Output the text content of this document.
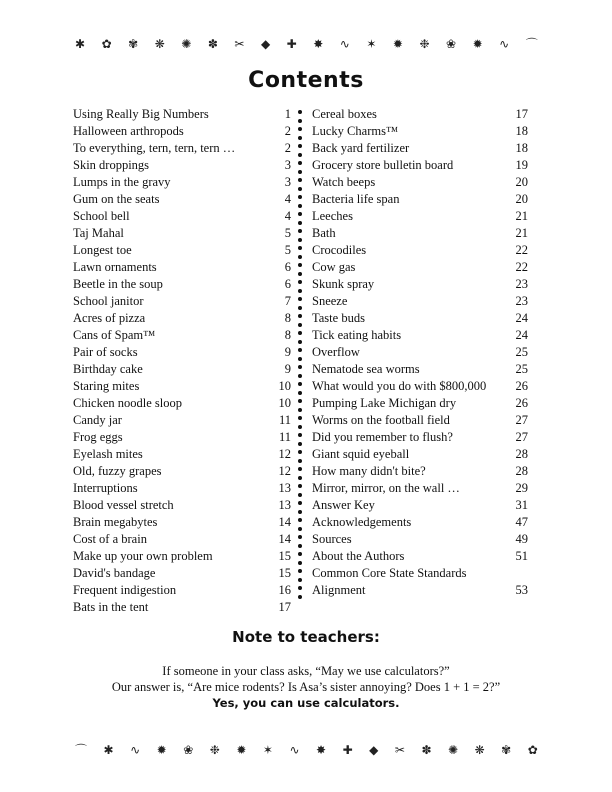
✱ ✿ ✾ ❋ ✺ ✽ ✂ ◆ ✚ ✸ ∿ ✶ ✹ ❉ ❀ ✹ ∿ ⌒
Contents
Using Really Big Numbers	1
Halloween arthropods	2
To everything, tern, tern, tern …	2
Skin droppings	3
Lumps in the gravy	3
Gum on the seats	4
School bell	4
Taj Mahal	5
Longest toe	5
Lawn ornaments	6
Beetle in the soup	6
School janitor	7
Acres of pizza	8
Cans of Spam™	8
Pair of socks	9
Birthday cake	9
Staring mites	10
Chicken noodle sloop	10
Candy jar	11
Frog eggs	11
Eyelash mites	12
Old, fuzzy grapes	12
Interruptions	13
Blood vessel stretch	13
Brain megabytes	14
Cost of a brain	14
Make up your own problem	15
David's bandage	15
Frequent indigestion	16
Bats in the tent	17
Cereal boxes	17
Lucky Charms™	18
Back yard fertilizer	18
Grocery store bulletin board	19
Watch beeps	20
Bacteria life span	20
Leeches	21
Bath	21
Crocodiles	22
Cow gas	22
Skunk spray	23
Sneeze	23
Taste buds	24
Tick eating habits	24
Overflow	25
Nematode sea worms	25
What would you do with $800,000 26
Pumping Lake Michigan dry	26
Worms on the football field	27
Did you remember to flush?	27
Giant squid eyeball	28
How many didn't bite?	28
Mirror, mirror, on the wall …	29
Answer Key	31
Acknowledgements	47
Sources	49
About the Authors	51
Common Core State Standards
Alignment	53
Note to teachers:
If someone in your class asks, “May we use calculators?”
Our answer is, “Are mice rodents? Is Asa’s sister annoying? Does 1 + 1 = 2?”
Yes, you can use calculators.
⌒ ✱ ∿ ✹ ❀ ❉ ✹ ✶ ∿ ✸ ✚ ◆ ✂ ✽ ✺ ❋ ✾ ✿
